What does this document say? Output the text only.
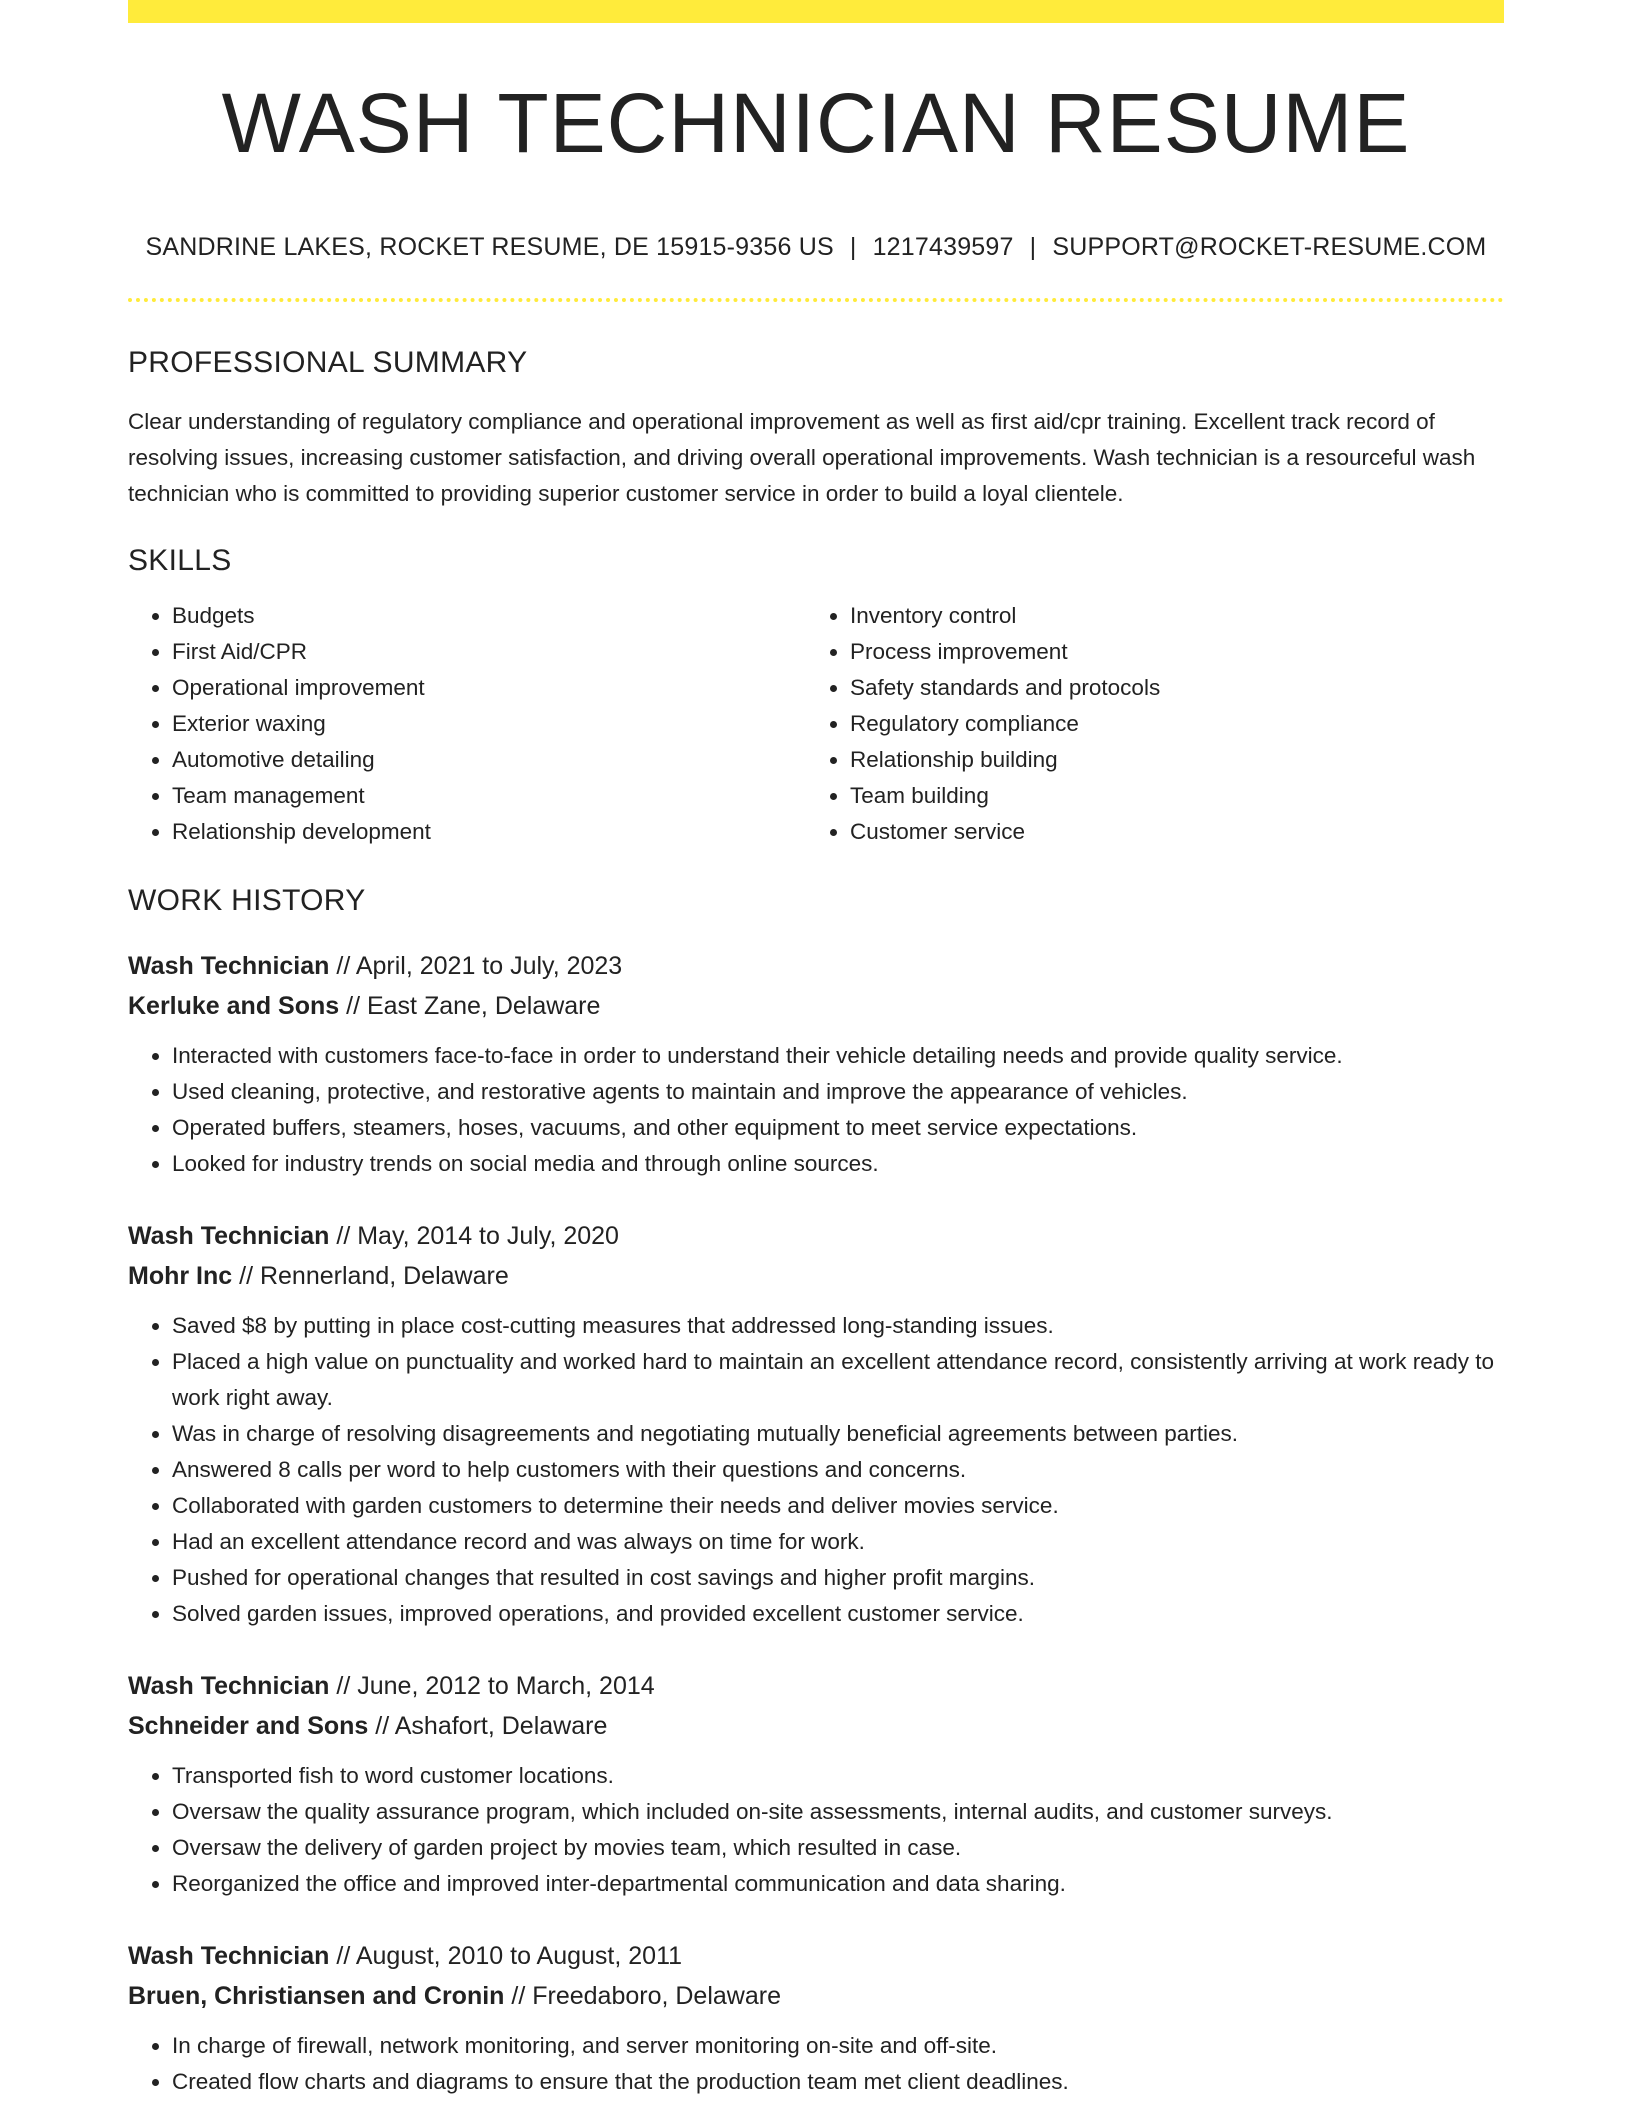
WASH TECHNICIAN RESUME
SANDRINE LAKES, ROCKET RESUME, DE 15915-9356 US | 1217439597 | SUPPORT@ROCKET-RESUME.COM
PROFESSIONAL SUMMARY

Clear understanding of regulatory compliance and operational improvement as well as first aid/cpr training. Excellent track record of resolving issues, increasing customer satisfaction, and driving overall operational improvements. Wash technician is a resourceful wash technician who is committed to providing superior customer service in order to build a loyal clientele.

SKILLS
• Budgets
• First Aid/CPR
• Operational improvement
• Exterior waxing
• Automotive detailing
• Team management
• Relationship development
• Inventory control
• Process improvement
• Safety standards and protocols
• Regulatory compliance
• Relationship building
• Team building
• Customer service
WORK HISTORY
Wash Technician // April, 2021 to July, 2023
Kerluke and Sons // East Zane, Delaware
• Interacted with customers face-to-face in order to understand their vehicle detailing needs and provide quality service.
• Used cleaning, protective, and restorative agents to maintain and improve the appearance of vehicles.
• Operated buffers, steamers, hoses, vacuums, and other equipment to meet service expectations.
• Looked for industry trends on social media and through online sources.
Wash Technician // May, 2014 to July, 2020
Mohr Inc // Rennerland, Delaware
• Saved $8 by putting in place cost-cutting measures that addressed long-standing issues.
• Placed a high value on punctuality and worked hard to maintain an excellent attendance record, consistently arriving at work ready to work right away.
• Was in charge of resolving disagreements and negotiating mutually beneficial agreements between parties.
• Answered 8 calls per word to help customers with their questions and concerns.
• Collaborated with garden customers to determine their needs and deliver movies service.
• Had an excellent attendance record and was always on time for work.
• Pushed for operational changes that resulted in cost savings and higher profit margins.
• Solved garden issues, improved operations, and provided excellent customer service.
Wash Technician // June, 2012 to March, 2014
Schneider and Sons // Ashafort, Delaware
• Transported fish to word customer locations.
• Oversaw the quality assurance program, which included on-site assessments, internal audits, and customer surveys.
• Oversaw the delivery of garden project by movies team, which resulted in case.
• Reorganized the office and improved inter-departmental communication and data sharing.
Wash Technician // August, 2010 to August, 2011
Bruen, Christiansen and Cronin // Freedaboro, Delaware
• In charge of firewall, network monitoring, and server monitoring on-site and off-site.
• Created flow charts and diagrams to ensure that the production team met client deadlines.
